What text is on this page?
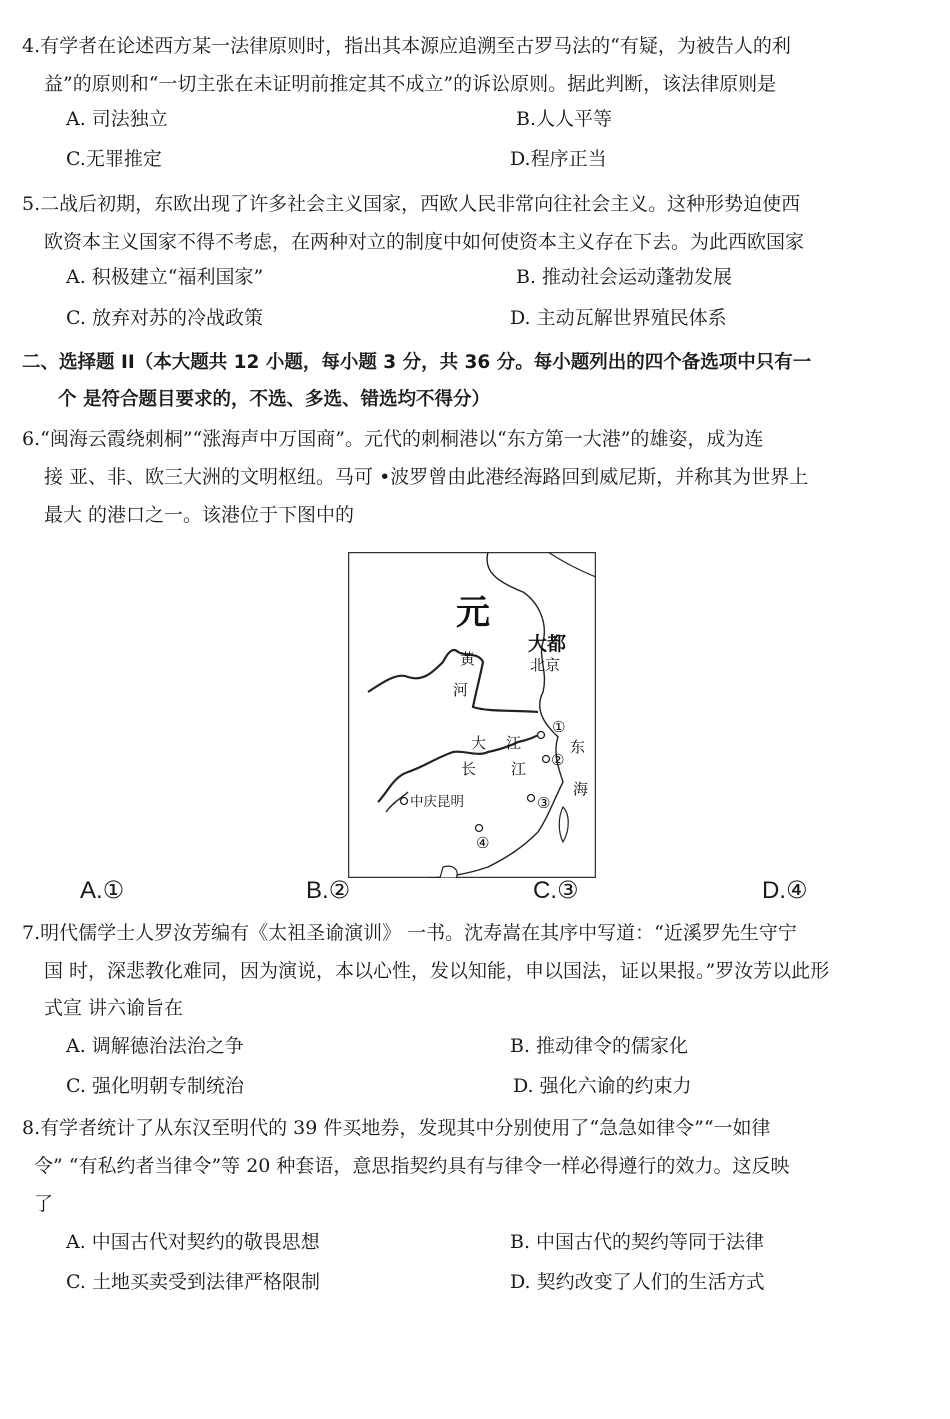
4.有学者在论述西方某一法律原则时，指出其本源应追溯至古罗马法的“有疑，为被告人的利
益”的原则和“一切主张在未证明前推定其不成立”的诉讼原则。据此判断，该法律原则是
A. 司法独立	B.人人平等
C.无罪推定	D.程序正当
5.二战后初期，东欧出现了许多社会主义国家，西欧人民非常向往社会主义。这种形势迫使西
欧资本主义国家不得不考虑，在两种对立的制度中如何使资本主义存在下去。为此西欧国家
A. 积极建立“福利国家”	B. 推动社会运动蓬勃发展
C. 放弃对苏的冷战政策	D. 主动瓦解世界殖民体系
二、选择题 II（本大题共 12 小题，每小题 3 分，共 36 分。每小题列出的四个备选项中只有一
个 是符合题目要求的，不选、多选、错选均不得分）
6.“闽海云霞绕刺桐”“涨海声中万国商”。元代的刺桐港以“东方第一大港”的雄姿，成为连
接 亚、非、欧三大洲的文明枢纽。马可 •波罗曾由此港经海路回到威尼斯，并称其为世界上
最大 的港口之一。该港位于下图中的
元
大都
北京
黄
河
大 江
长 江
东
海
中庆昆明
①
②
③
④
A.①	B.②	C.③	D.④
7.明代儒学士人罗汝芳编有《太祖圣谕演训》 一书。沈寿嵩在其序中写道：“近溪罗先生守宁
国 时，深悲教化难同，因为演说，本以心性，发以知能，申以国法，证以果报。”罗汝芳以此形
式宣 讲六谕旨在
A. 调解德治法治之争	B. 推动律令的儒家化
C. 强化明朝专制统治	D. 强化六谕的约束力
8.有学者统计了从东汉至明代的 39 件买地券，发现其中分别使用了“急急如律令”“一如律
令” “有私约者当律令”等 20 种套语，意思指契约具有与律令一样必得遵行的效力。这反映
了
A. 中国古代对契约的敬畏思想	B. 中国古代的契约等同于法律
C. 土地买卖受到法律严格限制	D. 契约改变了人们的生活方式
